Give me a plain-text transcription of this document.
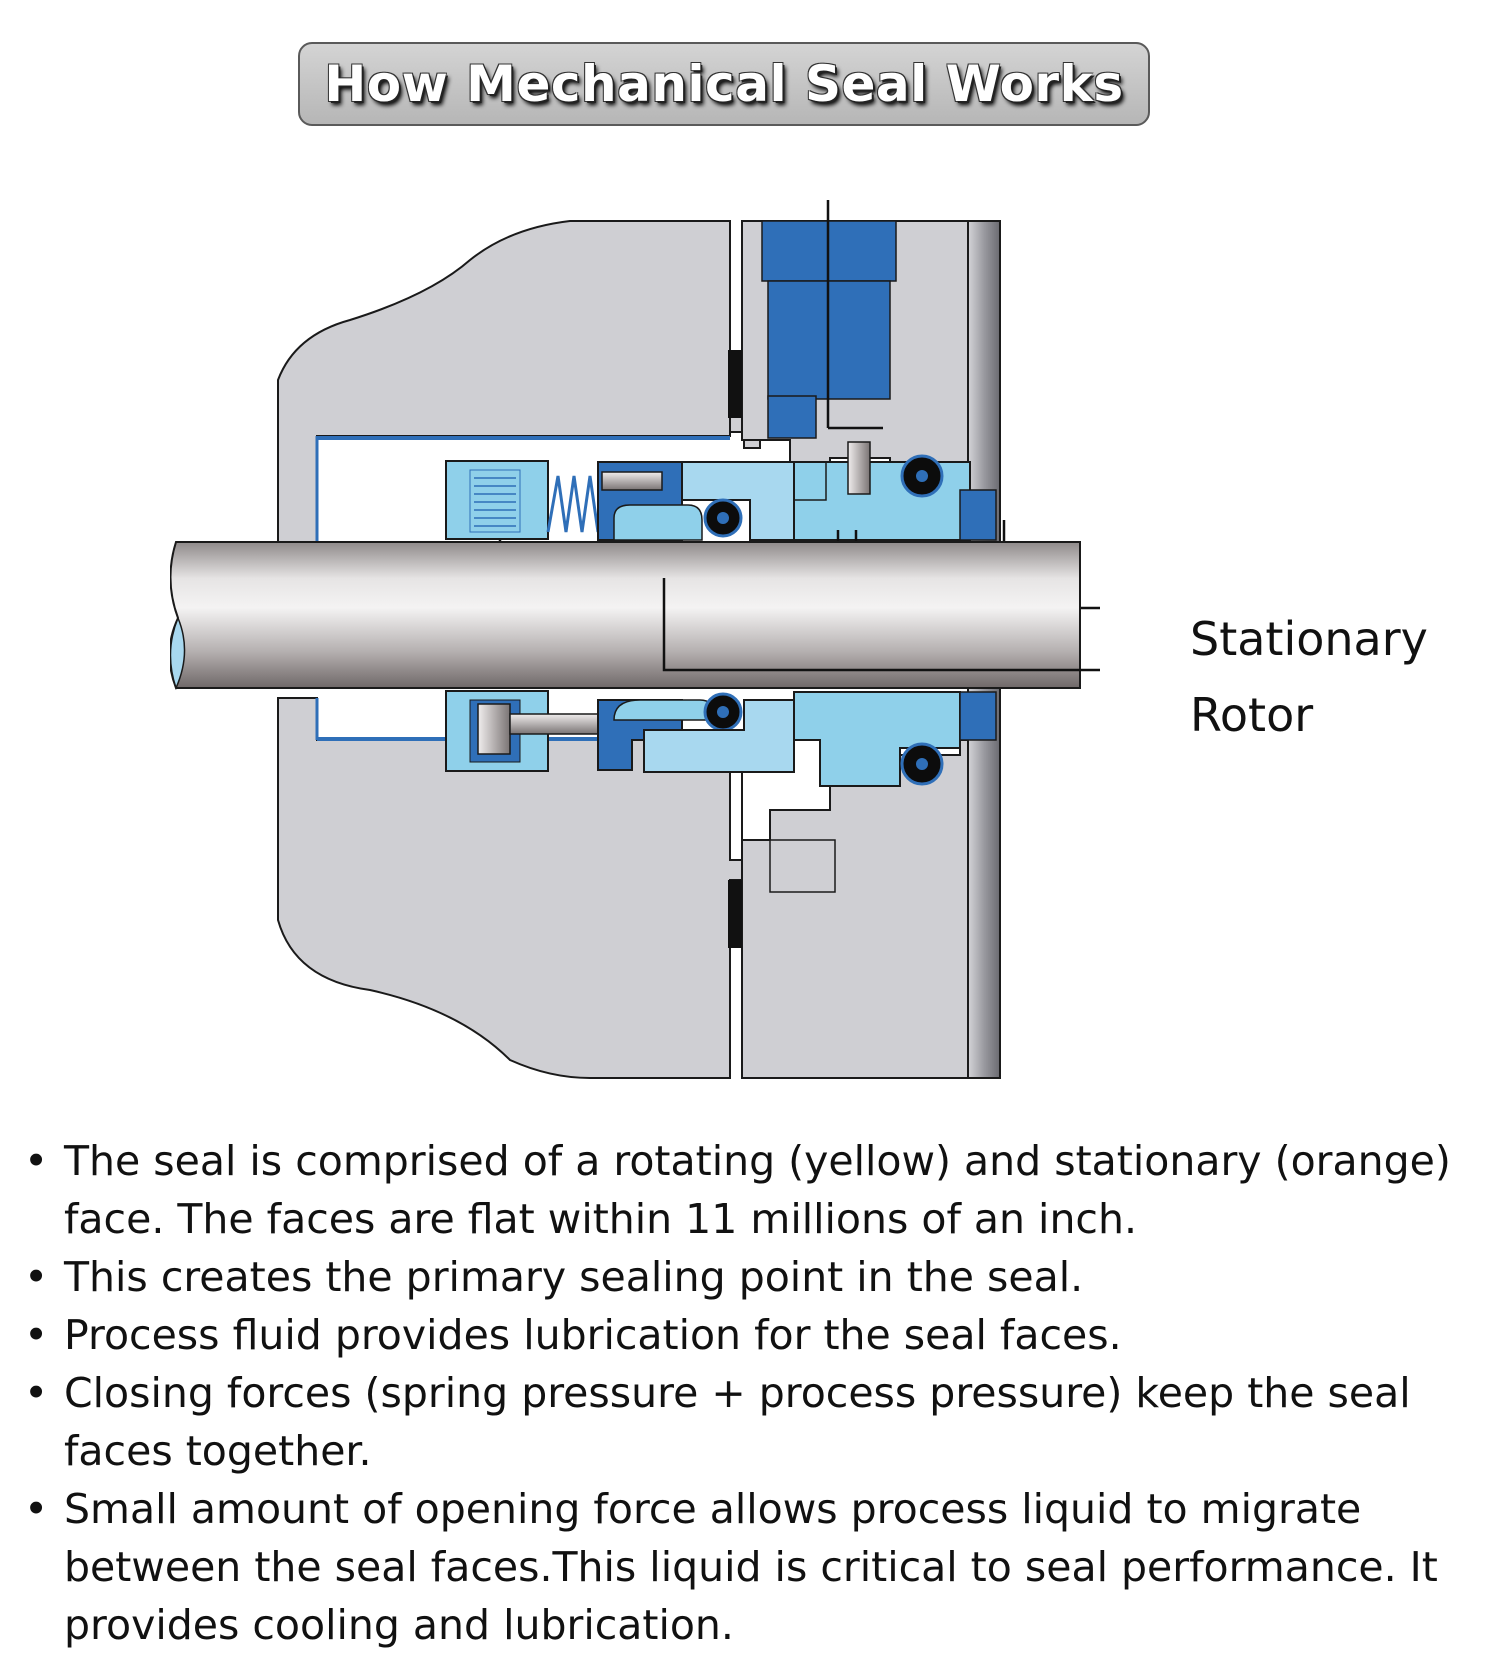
How Mechanical Seal Works
Stationary
Rotor
• The seal is comprised of a rotating (yellow) and stationary (orange) face. The faces are flat within 11 millions of an inch.
• This creates the primary sealing point in the seal.
• Process fluid provides lubrication for the seal faces.
• Closing forces (spring pressure + process pressure) keep the seal faces together.
• Small amount of opening force allows process liquid to migrate between the seal faces.This liquid is critical to seal performance. It provides cooling and lubrication.
